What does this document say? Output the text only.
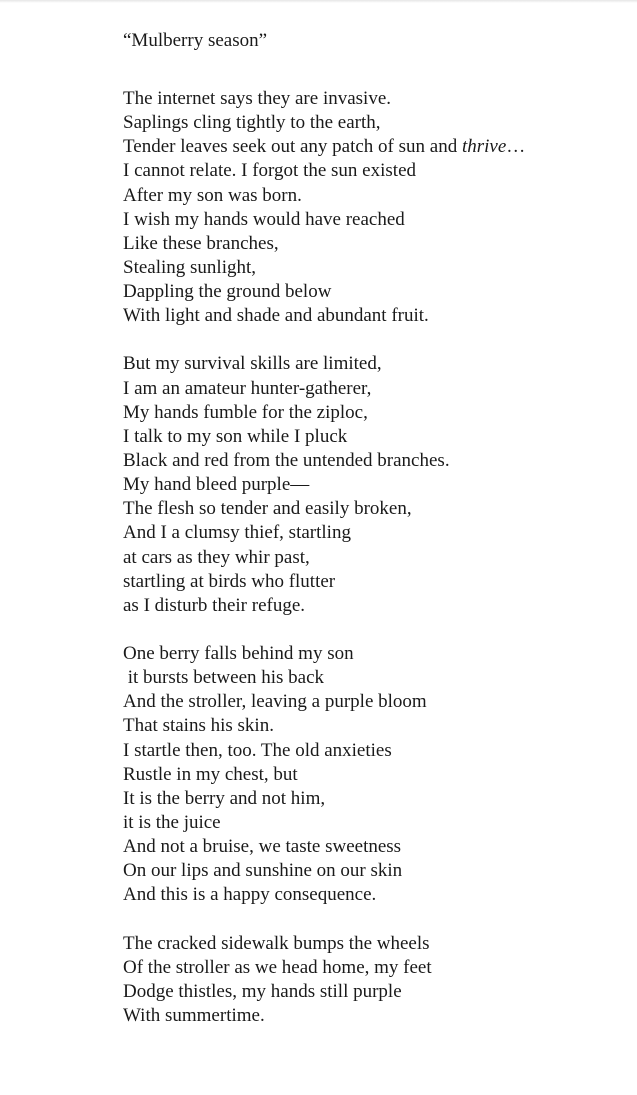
“Mulberry season”
The internet says they are invasive.
Saplings cling tightly to the earth,
Tender leaves seek out any patch of sun and thrive…
I cannot relate. I forgot the sun existed
After my son was born.
I wish my hands would have reached
Like these branches,
Stealing sunlight,
Dappling the ground below
With light and shade and abundant fruit.
But my survival skills are limited,
I am an amateur hunter-gatherer,
My hands fumble for the ziploc,
I talk to my son while I pluck
Black and red from the untended branches.
My hand bleed purple—
The flesh so tender and easily broken,
And I a clumsy thief, startling
at cars as they whir past,
startling at birds who flutter
as I disturb their refuge.
One berry falls behind my son
it bursts between his back
And the stroller, leaving a purple bloom
That stains his skin.
I startle then, too. The old anxieties
Rustle in my chest, but
It is the berry and not him,
it is the juice
And not a bruise, we taste sweetness
On our lips and sunshine on our skin
And this is a happy consequence.
The cracked sidewalk bumps the wheels
Of the stroller as we head home, my feet
Dodge thistles, my hands still purple
With summertime.
